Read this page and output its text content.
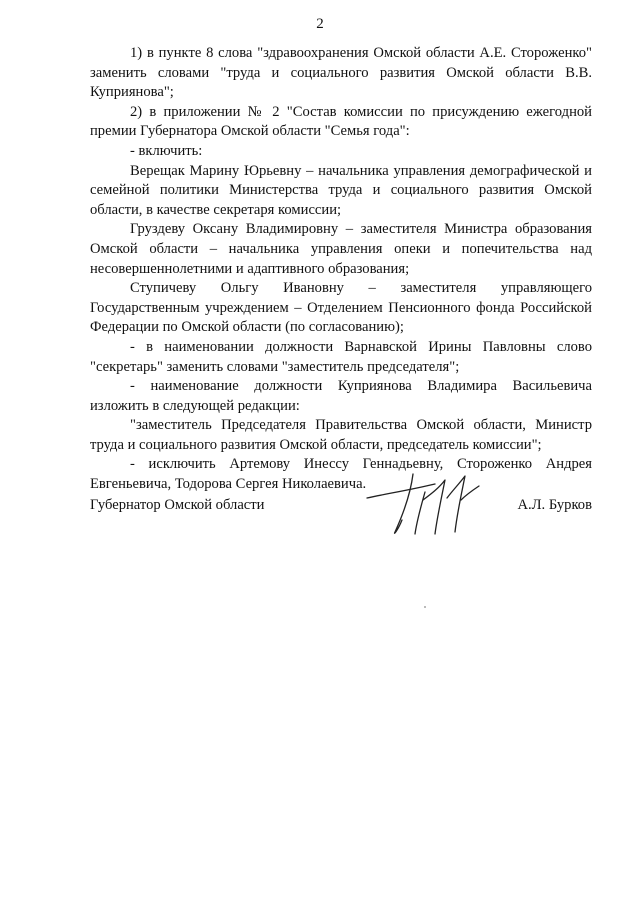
2

1) в пункте 8 слова "здравоохранения Омской области А.Е. Стороженко" заменить словами "труда и социального развития Омской области В.В. Куприянова";

2) в приложении № 2 "Состав комиссии по присуждению ежегодной премии Губернатора Омской области "Семья года":

- включить:

Верещак Марину Юрьевну – начальника управления демографической и семейной политики Министерства труда и социального развития Омской области, в качестве секретаря комиссии;

Груздеву Оксану Владимировну – заместителя Министра образования Омской области – начальника управления опеки и попечительства над несовершеннолетними и адаптивного образования;

Ступичеву Ольгу Ивановну – заместителя управляющего Государственным учреждением – Отделением Пенсионного фонда Российской Федерации по Омской области (по согласованию);

- в наименовании должности Варнавской Ирины Павловны слово "секретарь" заменить словами "заместитель председателя";

- наименование должности Куприянова Владимира Васильевича изложить в следующей редакции:

"заместитель Председателя Правительства Омской области, Министр труда и социального развития Омской области, председатель комиссии";

- исключить Артемову Инессу Геннадьевну, Стороженко Андрея Евгеньевича, Тодорова Сергея Николаевича.

Губернатор Омской области	А.Л. Бурков
